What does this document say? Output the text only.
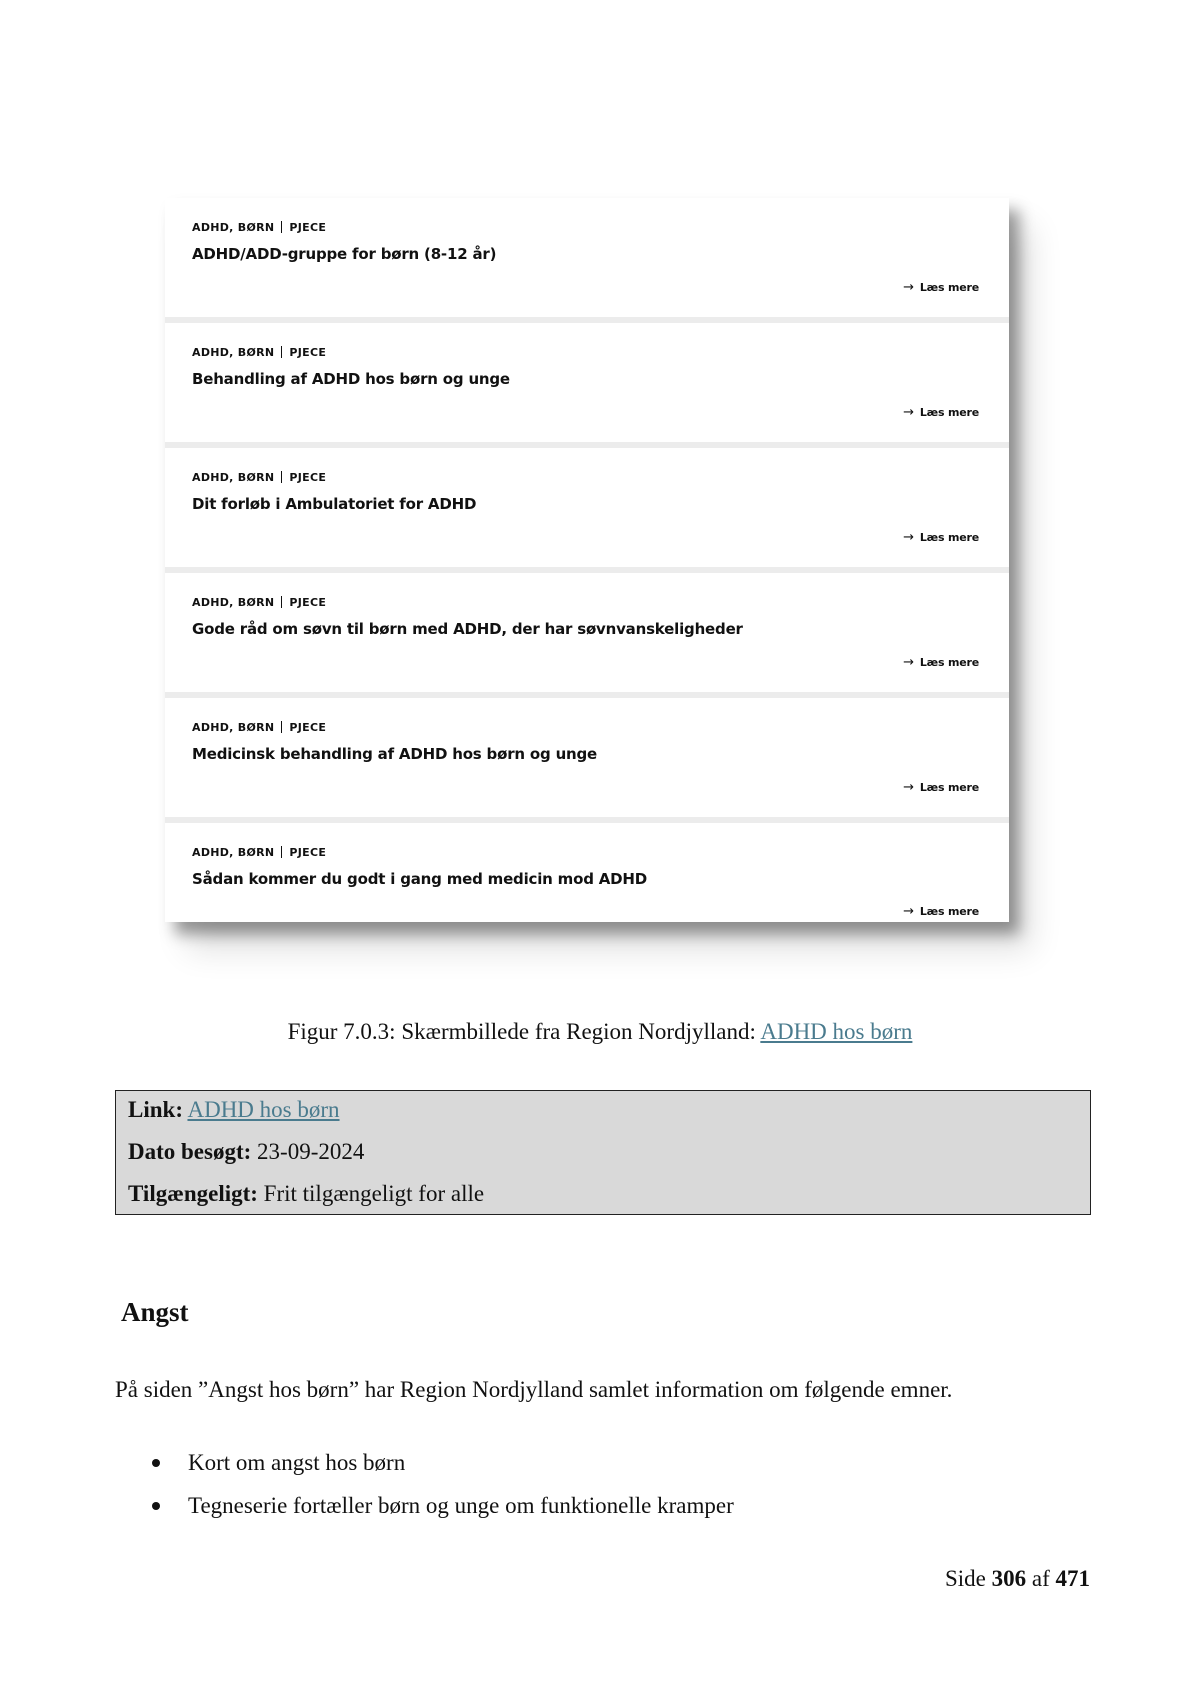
ADHD, BØRN PJECE
ADHD/ADD-gruppe for børn (8-12 år)
→ Læs mere
ADHD, BØRN PJECE
Behandling af ADHD hos børn og unge
→ Læs mere
ADHD, BØRN PJECE
Dit forløb i Ambulatoriet for ADHD
→ Læs mere
ADHD, BØRN PJECE
Gode råd om søvn til børn med ADHD, der har søvnvanskeligheder
→ Læs mere
ADHD, BØRN PJECE
Medicinsk behandling af ADHD hos børn og unge
→ Læs mere
ADHD, BØRN PJECE
Sådan kommer du godt i gang med medicin mod ADHD
→ Læs mere
Figur 7.0.3: Skærmbillede fra Region Nordjylland: ADHD hos børn
Link: ADHD hos børn
Dato besøgt: 23-09-2024
Tilgængeligt: Frit tilgængeligt for alle
Angst
På siden ”Angst hos børn” har Region Nordjylland samlet information om følgende emner.
Kort om angst hos børn
Tegneserie fortæller børn og unge om funktionelle kramper
Side 306 af 471
